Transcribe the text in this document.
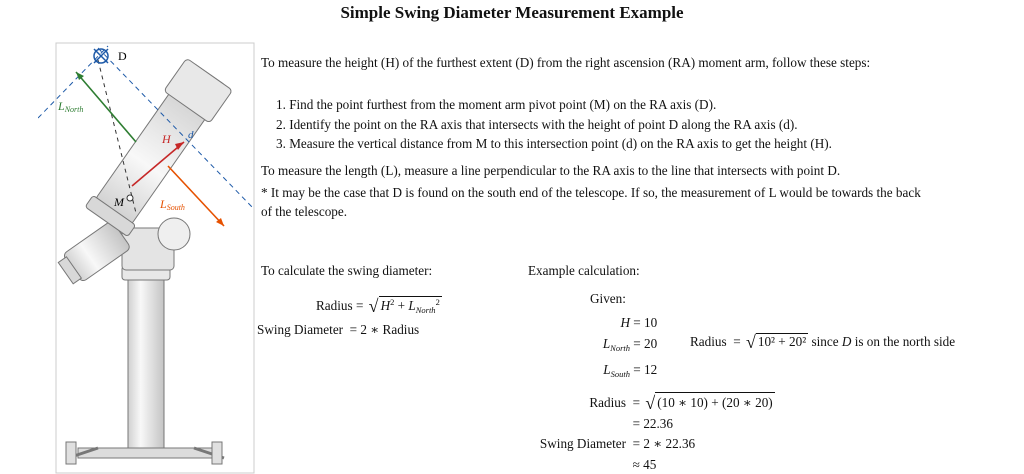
Simple Swing Diameter Measurement Example
D
LNorth
H d
M	LSouth
To measure the height (H) of the furthest extent (D) from the right ascension (RA) moment arm, follow these steps:
1. Find the point furthest from the moment arm pivot point (M) on the RA axis (D).
2. Identify the point on the RA axis that intersects with the height of point D along the RA axis (d).
3. Measure the vertical distance from M to this intersection point (d) on the RA axis to get the height (H).
To measure the length (L), measure a line perpendicular to the RA axis to the line that intersects with point D.
* It may be the case that D is found on the south end of the telescope. If so, the measurement of L would be towards the back of the telescope.
To calculate the swing diameter:
Radius = √ $H^2 + L_{North}^2$
Swing Diameter = 2 ∗ Radius
Example calculation:
Given:
H = 10
$L_{North} = 20$
$L_{South} = 12$
Radius  = √ 10² + 20² since D is on the north side
Radius  = √ (10 ∗ 10) + (20 ∗ 20)
= 22.36
Swing Diameter = 2 ∗ 22.36
≈ 45
